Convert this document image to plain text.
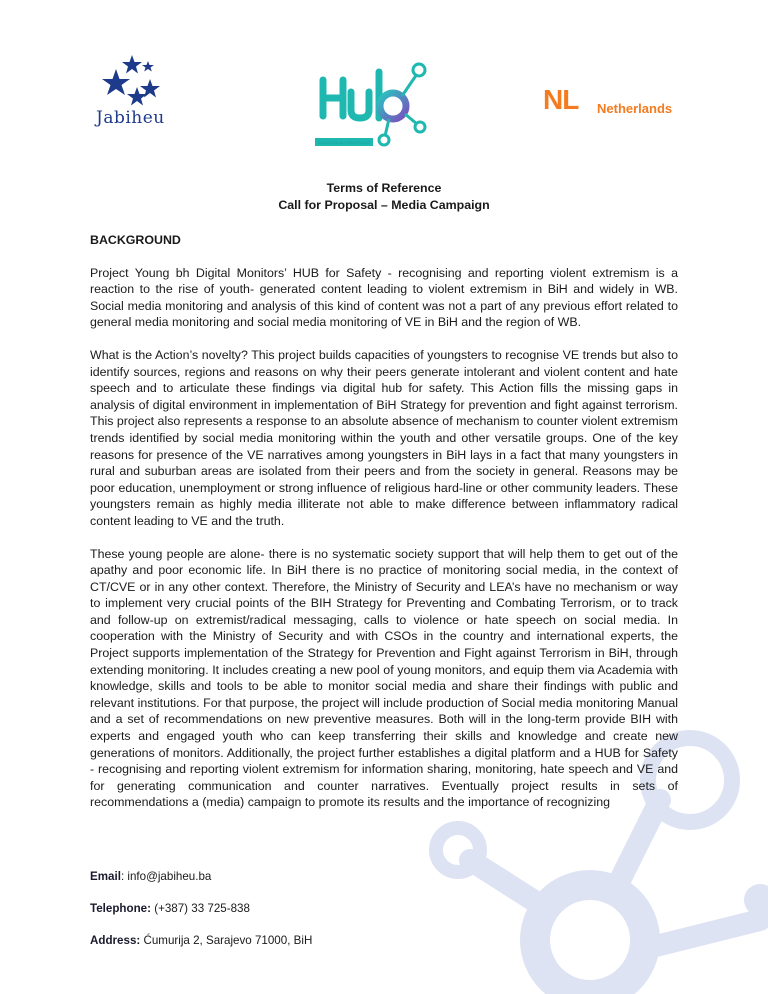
Jabiheu
ZA DIGITALNU SIGURNOST
NL Netherlands

Terms of Reference

Call for Proposal – Media Campaign

BACKGROUND

Project Young bh Digital Monitors’ HUB for Safety - recognising and reporting violent extremism is a reaction to the rise of youth- generated content leading to violent extremism in BiH and widely in WB. Social media monitoring and analysis of this kind of content was not a part of any previous effort related to general media monitoring and social media monitoring of VE in BiH and the region of WB.

What is the Action’s novelty? This project builds capacities of youngsters to recognise VE trends but also to identify sources, regions and reasons on why their peers generate intolerant and violent content and hate speech and to articulate these findings via digital hub for safety. This Action fills the missing gaps in analysis of digital environment in implementation of BiH Strategy for prevention and fight against terrorism. This project also represents a response to an absolute absence of mechanism to counter violent extremism trends identified by social media monitoring within the youth and other versatile groups. One of the key reasons for presence of the VE narratives among youngsters in BiH lays in a fact that many youngsters in rural and suburban areas are isolated from their peers and from the society in general. Reasons may be poor education, unemployment or strong influence of religious hard-line or other community leaders. These youngsters remain as highly media illiterate not able to make difference between inflammatory radical content leading to VE and the truth.

These young people are alone- there is no systematic society support that will help them to get out of the apathy and poor economic life. In BiH there is no practice of monitoring social media, in the context of CT/CVE or in any other context. Therefore, the Ministry of Security and LEA’s have no mechanism or way to implement very crucial points of the BIH Strategy for Preventing and Combating Terrorism, or to track and follow-up on extremist/radical messaging, calls to violence or hate speech on social media. In cooperation with the Ministry of Security and with CSOs in the country and international experts, the Project supports implementation of the Strategy for Prevention and Fight against Terrorism in BiH, through extending monitoring. It includes creating a new pool of young monitors, and equip them via Academia with knowledge, skills and tools to be able to monitor social media and share their findings with public and relevant institutions. For that purpose, the project will include production of Social media monitoring Manual and a set of recommendations on new preventive measures. Both will in the long-term provide BIH with experts and engaged youth who can keep transferring their skills and knowledge and create new generations of monitors. Additionally, the project further establishes a digital platform and a HUB for Safety - recognising and reporting violent extremism for information sharing, monitoring, hate speech and VE and for generating communication and counter narratives. Eventually project results in sets of recommendations a (media) campaign to promote its results and the importance of recognizing

Email: info@jabiheu.ba
Telephone: (+387) 33 725-838
Address: Ćumurija 2, Sarajevo 71000, BiH
